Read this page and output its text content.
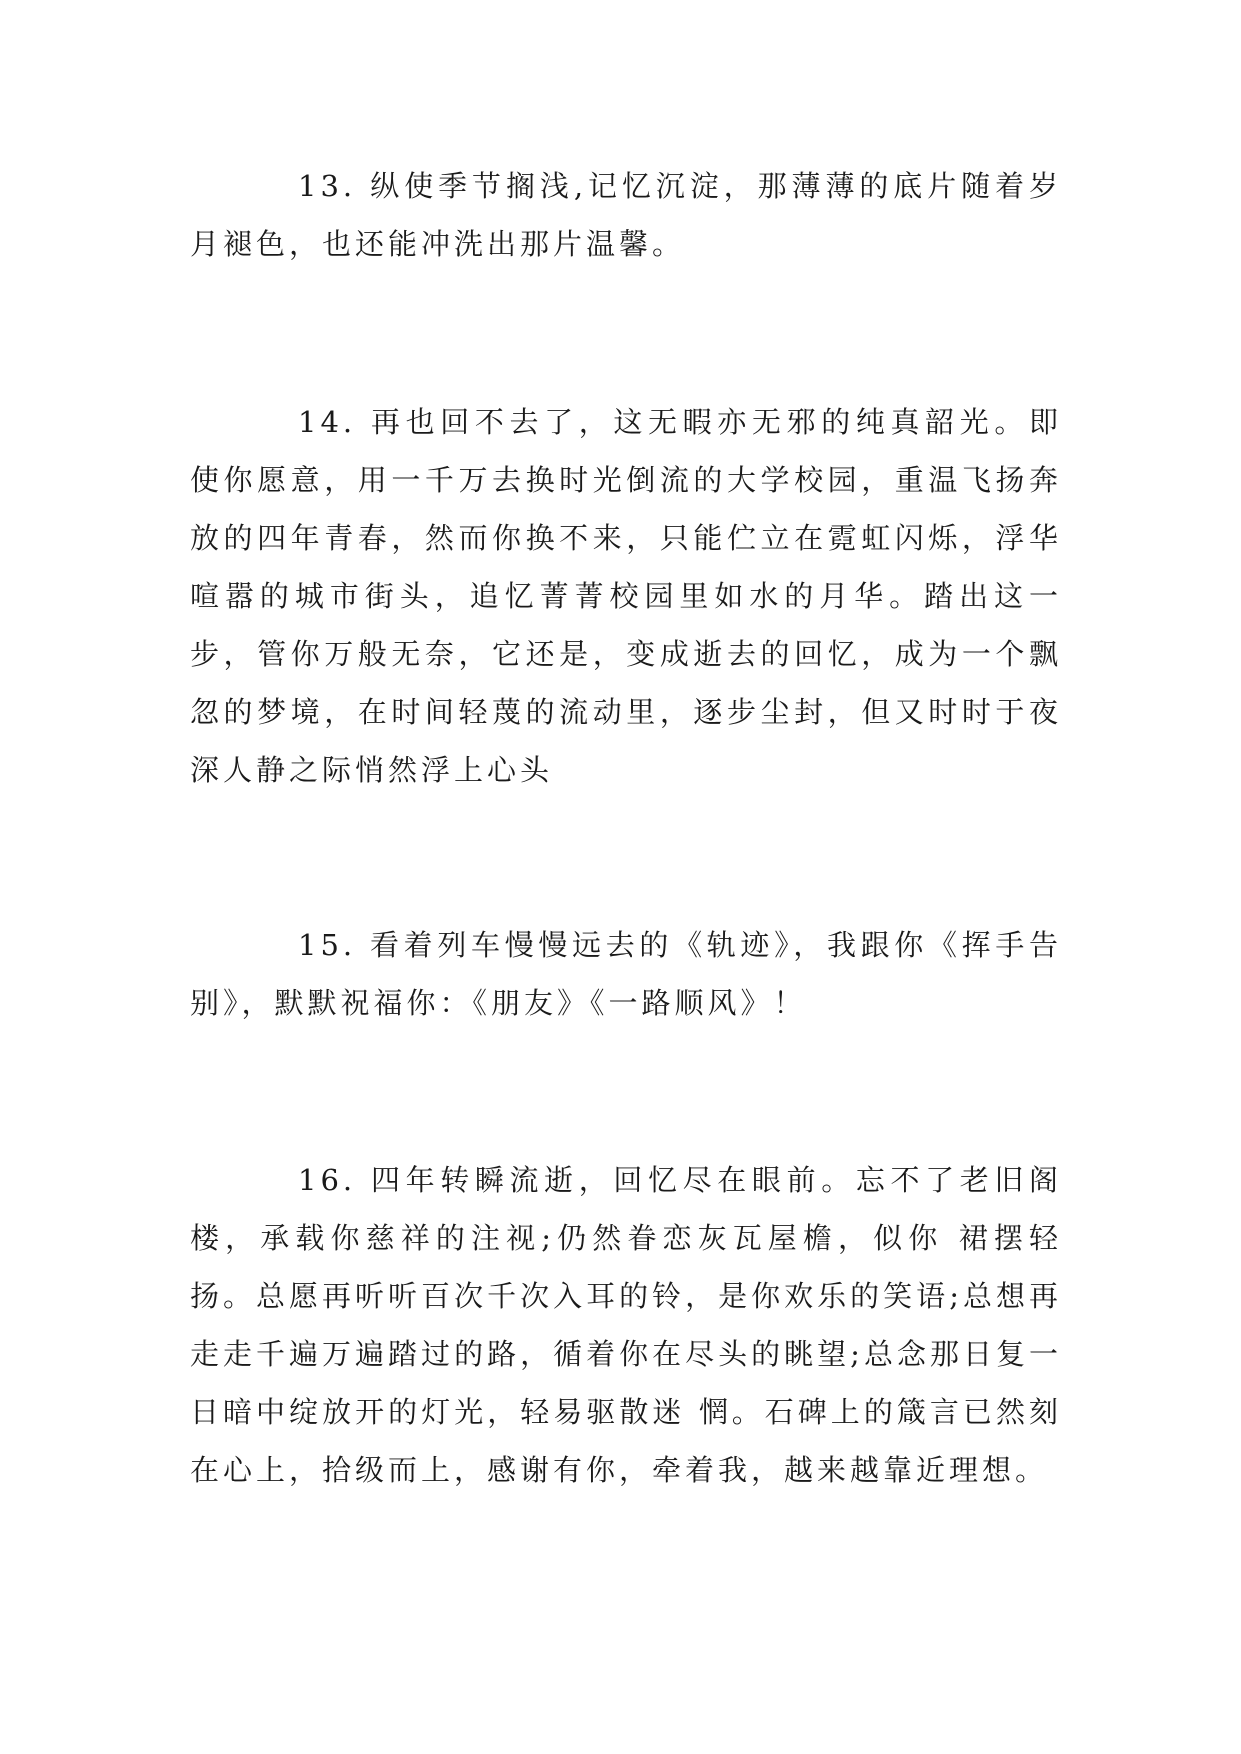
13. 纵使季节搁浅,记忆沉淀，那薄薄的底片随着岁月褪色，也还能冲洗出那片温馨。

14. 再也回不去了，这无暇亦无邪的纯真韶光。即使你愿意，用一千万去换时光倒流的大学校园，重温飞扬奔放的四年青春，然而你换不来，只能伫立在霓虹闪烁，浮华喧嚣的城市街头，追忆菁菁校园里如水的月华。踏出这一步，管你万般无奈，它还是，变成逝去的回忆，成为一个飘忽的梦境，在时间轻蔑的流动里，逐步尘封，但又时时于夜深人静之际悄然浮上心头

15. 看着列车慢慢远去的《轨迹》，我跟你《挥手告别》，默默祝福你：《朋友》《一路顺风》！

16. 四年转瞬流逝，回忆尽在眼前。忘不了老旧阁楼，承载你慈祥的注视;仍然眷恋灰瓦屋檐，似你 裙摆轻扬。总愿再听听百次千次入耳的铃，是你欢乐的笑语;总想再走走千遍万遍踏过的路，循着你在尽头的眺望;总念那日复一日暗中绽放开的灯光，轻易驱散迷 惘。石碑上的箴言已然刻在心上，拾级而上，感谢有你，牵着我，越来越靠近理想。
